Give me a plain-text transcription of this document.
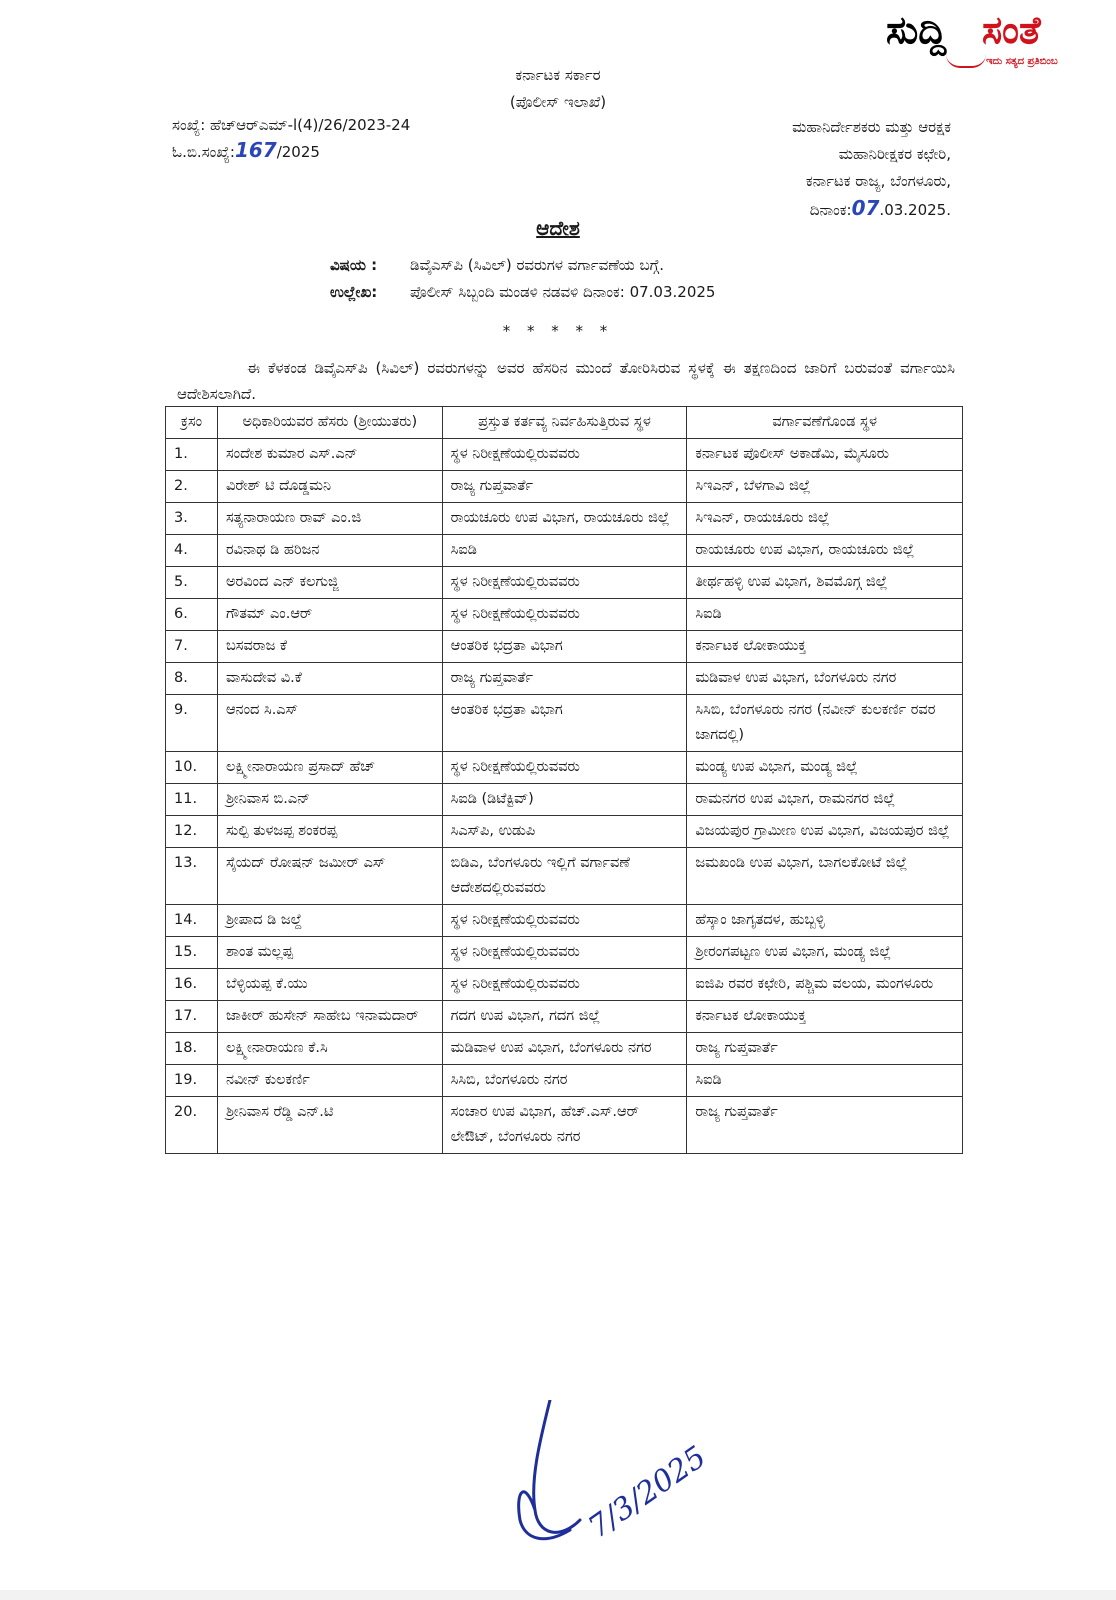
ಸುದ್ದಿ ಸಂತೆ
ಇದು ಸತ್ಯದ ಪ್ರತಿಬಿಂಬ
ಕರ್ನಾಟಕ ಸರ್ಕಾರ
(ಪೊಲೀಸ್ ಇಲಾಖೆ)
ಸಂಖ್ಯೆ: ಹೆಚ್‌ಆರ್‌ಎಮ್‌-l(4)/26/2023-24
ಓ.ಬಿ.ಸಂಖ್ಯೆ:167/2025
ಮಹಾನಿರ್ದೇಶಕರು ಮತ್ತು ಆರಕ್ಷಕ
ಮಹಾನಿರೀಕ್ಷಕರ ಕಛೇರಿ,
ಕರ್ನಾಟಕ ರಾಜ್ಯ, ಬೆಂಗಳೂರು,
ದಿನಾಂಕ:07.03.2025.
ಆದೇಶ
ವಿಷಯ : ಡಿವೈಎಸ್‌ಪಿ (ಸಿವಿಲ್) ರವರುಗಳ ವರ್ಗಾವಣೆಯ ಬಗ್ಗೆ.
ಉಲ್ಲೇಖ: ಪೊಲೀಸ್ ಸಿಬ್ಬಂದಿ ಮಂಡಳಿ ನಡವಳಿ ದಿನಾಂಕ: 07.03.2025
* * * * *
ಈ ಕೆಳಕಂಡ ಡಿವೈಎಸ್‌ಪಿ (ಸಿವಿಲ್) ರವರುಗಳನ್ನು ಅವರ ಹೆಸರಿನ ಮುಂದೆ ತೋರಿಸಿರುವ ಸ್ಥಳಕ್ಕೆ ಈ ತಕ್ಷಣದಿಂದ ಜಾರಿಗೆ ಬರುವಂತೆ ವರ್ಗಾಯಿಸಿ ಆದೇಶಿಸಲಾಗಿದೆ.
ಕ್ರಸಂ	ಅಧಿಕಾರಿಯವರ ಹೆಸರು (ಶ್ರೀಯುತರು)	ಪ್ರಸ್ತುತ ಕರ್ತವ್ಯ ನಿರ್ವಹಿಸುತ್ತಿರುವ ಸ್ಥಳ	ವರ್ಗಾವಣೆಗೊಂಡ ಸ್ಥಳ
1.	ಸಂದೇಶ ಕುಮಾರ ಎಸ್.ಎನ್	ಸ್ಥಳ ನಿರೀಕ್ಷಣೆಯಲ್ಲಿರುವವರು	ಕರ್ನಾಟಕ ಪೊಲೀಸ್ ಅಕಾಡೆಮಿ, ಮೈಸೂರು
2.	ವಿರೇಶ್ ಟಿ ದೊಡ್ಡಮನಿ	ರಾಜ್ಯ ಗುಪ್ತವಾರ್ತೆ	ಸಿಇಎನ್, ಬೆಳಗಾವಿ ಜಿಲ್ಲೆ
3.	ಸತ್ಯನಾರಾಯಣ ರಾವ್ ಎಂ.ಜಿ	ರಾಯಚೂರು ಉಪ ವಿಭಾಗ, ರಾಯಚೂರು ಜಿಲ್ಲೆ	ಸಿಇಎನ್, ರಾಯಚೂರು ಜಿಲ್ಲೆ
4.	ರವಿನಾಥ ಡಿ ಹರಿಜನ	ಸಿಐಡಿ	ರಾಯಚೂರು ಉಪ ವಿಭಾಗ, ರಾಯಚೂರು ಜಿಲ್ಲೆ
5.	ಅರವಿಂದ ಎನ್ ಕಲಗುಜ್ಜಿ	ಸ್ಥಳ ನಿರೀಕ್ಷಣೆಯಲ್ಲಿರುವವರು	ತೀರ್ಥಹಳ್ಳಿ ಉಪ ವಿಭಾಗ, ಶಿವಮೊಗ್ಗ ಜಿಲ್ಲೆ
6.	ಗೌತಮ್ ಎಂ.ಆರ್	ಸ್ಥಳ ನಿರೀಕ್ಷಣೆಯಲ್ಲಿರುವವರು	ಸಿಐಡಿ
7.	ಬಸವರಾಜ ಕೆ	ಆಂತರಿಕ ಭದ್ರತಾ ವಿಭಾಗ	ಕರ್ನಾಟಕ ಲೋಕಾಯುಕ್ತ
8.	ವಾಸುದೇವ ವಿ.ಕೆ	ರಾಜ್ಯ ಗುಪ್ತವಾರ್ತೆ	ಮಡಿವಾಳ ಉಪ ವಿಭಾಗ, ಬೆಂಗಳೂರು ನಗರ
9.	ಆನಂದ ಸಿ.ಎಸ್	ಆಂತರಿಕ ಭದ್ರತಾ ವಿಭಾಗ	ಸಿಸಿಬಿ, ಬೆಂಗಳೂರು ನಗರ (ನವೀನ್ ಕುಲಕರ್ಣಿ ರವರ ಜಾಗದಲ್ಲಿ)
10.	ಲಕ್ಷ್ಮೀನಾರಾಯಣ ಪ್ರಸಾದ್ ಹೆಚ್	ಸ್ಥಳ ನಿರೀಕ್ಷಣೆಯಲ್ಲಿರುವವರು	ಮಂಡ್ಯ ಉಪ ವಿಭಾಗ, ಮಂಡ್ಯ ಜಿಲ್ಲೆ
11.	ಶ್ರೀನಿವಾಸ ಬಿ.ಎನ್	ಸಿಐಡಿ (ಡಿಟೆಕ್ಟಿವ್)	ರಾಮನಗರ ಉಪ ವಿಭಾಗ, ರಾಮನಗರ ಜಿಲ್ಲೆ
12.	ಸುಲ್ಪಿ ತುಳಜಪ್ಪ ಶಂಕರಪ್ಪ	ಸಿಎಸ್‌ಪಿ, ಉಡುಪಿ	ವಿಜಯಪುರ ಗ್ರಾಮೀಣ ಉಪ ವಿಭಾಗ, ವಿಜಯಪುರ ಜಿಲ್ಲೆ
13.	ಸೈಯದ್ ರೋಷನ್ ಜಮೀರ್ ಎಸ್	ಬಿಡಿಎ, ಬೆಂಗಳೂರು ಇಲ್ಲಿಗೆ ವರ್ಗಾವಣೆ ಆದೇಶದಲ್ಲಿರುವವರು	ಜಮಖಂಡಿ ಉಪ ವಿಭಾಗ, ಬಾಗಲಕೋಟೆ ಜಿಲ್ಲೆ
14.	ಶ್ರೀಪಾದ ಡಿ ಜಲ್ದೆ	ಸ್ಥಳ ನಿರೀಕ್ಷಣೆಯಲ್ಲಿರುವವರು	ಹೆಸ್ಕಾಂ ಜಾಗೃತದಳ, ಹುಬ್ಬಳ್ಳಿ
15.	ಶಾಂತ ಮಲ್ಲಪ್ಪ	ಸ್ಥಳ ನಿರೀಕ್ಷಣೆಯಲ್ಲಿರುವವರು	ಶ್ರೀರಂಗಪಟ್ಟಣ ಉಪ ವಿಭಾಗ, ಮಂಡ್ಯ ಜಿಲ್ಲೆ
16.	ಬೆಳ್ಳಿಯಪ್ಪ ಕೆ.ಯು	ಸ್ಥಳ ನಿರೀಕ್ಷಣೆಯಲ್ಲಿರುವವರು	ಐಜಿಪಿ ರವರ ಕಛೇರಿ, ಪಶ್ಚಿಮ ವಲಯ, ಮಂಗಳೂರು
17.	ಜಾಕೀರ್ ಹುಸೇನ್ ಸಾಹೇಬ ಇನಾಮದಾರ್	ಗದಗ ಉಪ ವಿಭಾಗ, ಗದಗ ಜಿಲ್ಲೆ	ಕರ್ನಾಟಕ ಲೋಕಾಯುಕ್ತ
18.	ಲಕ್ಷ್ಮೀನಾರಾಯಣ ಕೆ.ಸಿ	ಮಡಿವಾಳ ಉಪ ವಿಭಾಗ, ಬೆಂಗಳೂರು ನಗರ	ರಾಜ್ಯ ಗುಪ್ತವಾರ್ತೆ
19.	ನವೀನ್ ಕುಲಕರ್ಣಿ	ಸಿಸಿಬಿ, ಬೆಂಗಳೂರು ನಗರ	ಸಿಐಡಿ
20.	ಶ್ರೀನಿವಾಸ ರೆಡ್ಡಿ ಎನ್.ಟಿ	ಸಂಚಾರ ಉಪ ವಿಭಾಗ, ಹೆಚ್.ಎಸ್.ಆರ್ ಲೇಔಟ್, ಬೆಂಗಳೂರು ನಗರ	ರಾಜ್ಯ ಗುಪ್ತವಾರ್ತೆ
7/3/2025
